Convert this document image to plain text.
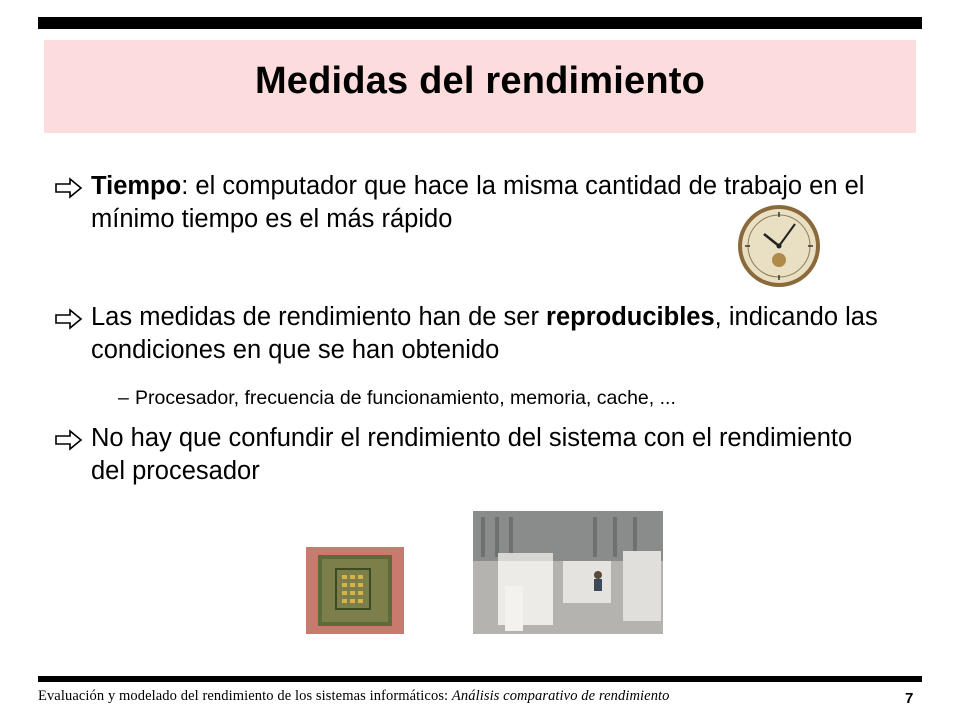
Medidas del rendimiento
Tiempo: el computador que hace la misma cantidad de trabajo en el mínimo tiempo es el más rápido
Las medidas de rendimiento han de ser reproducibles, indicando las condiciones en que se han obtenido
– Procesador, frecuencia de funcionamiento, memoria, cache, ...
No hay que confundir el rendimiento del sistema con el rendimiento del procesador
Evaluación y modelado del rendimiento de los sistemas informáticos: Análisis comparativo de rendimiento	7
